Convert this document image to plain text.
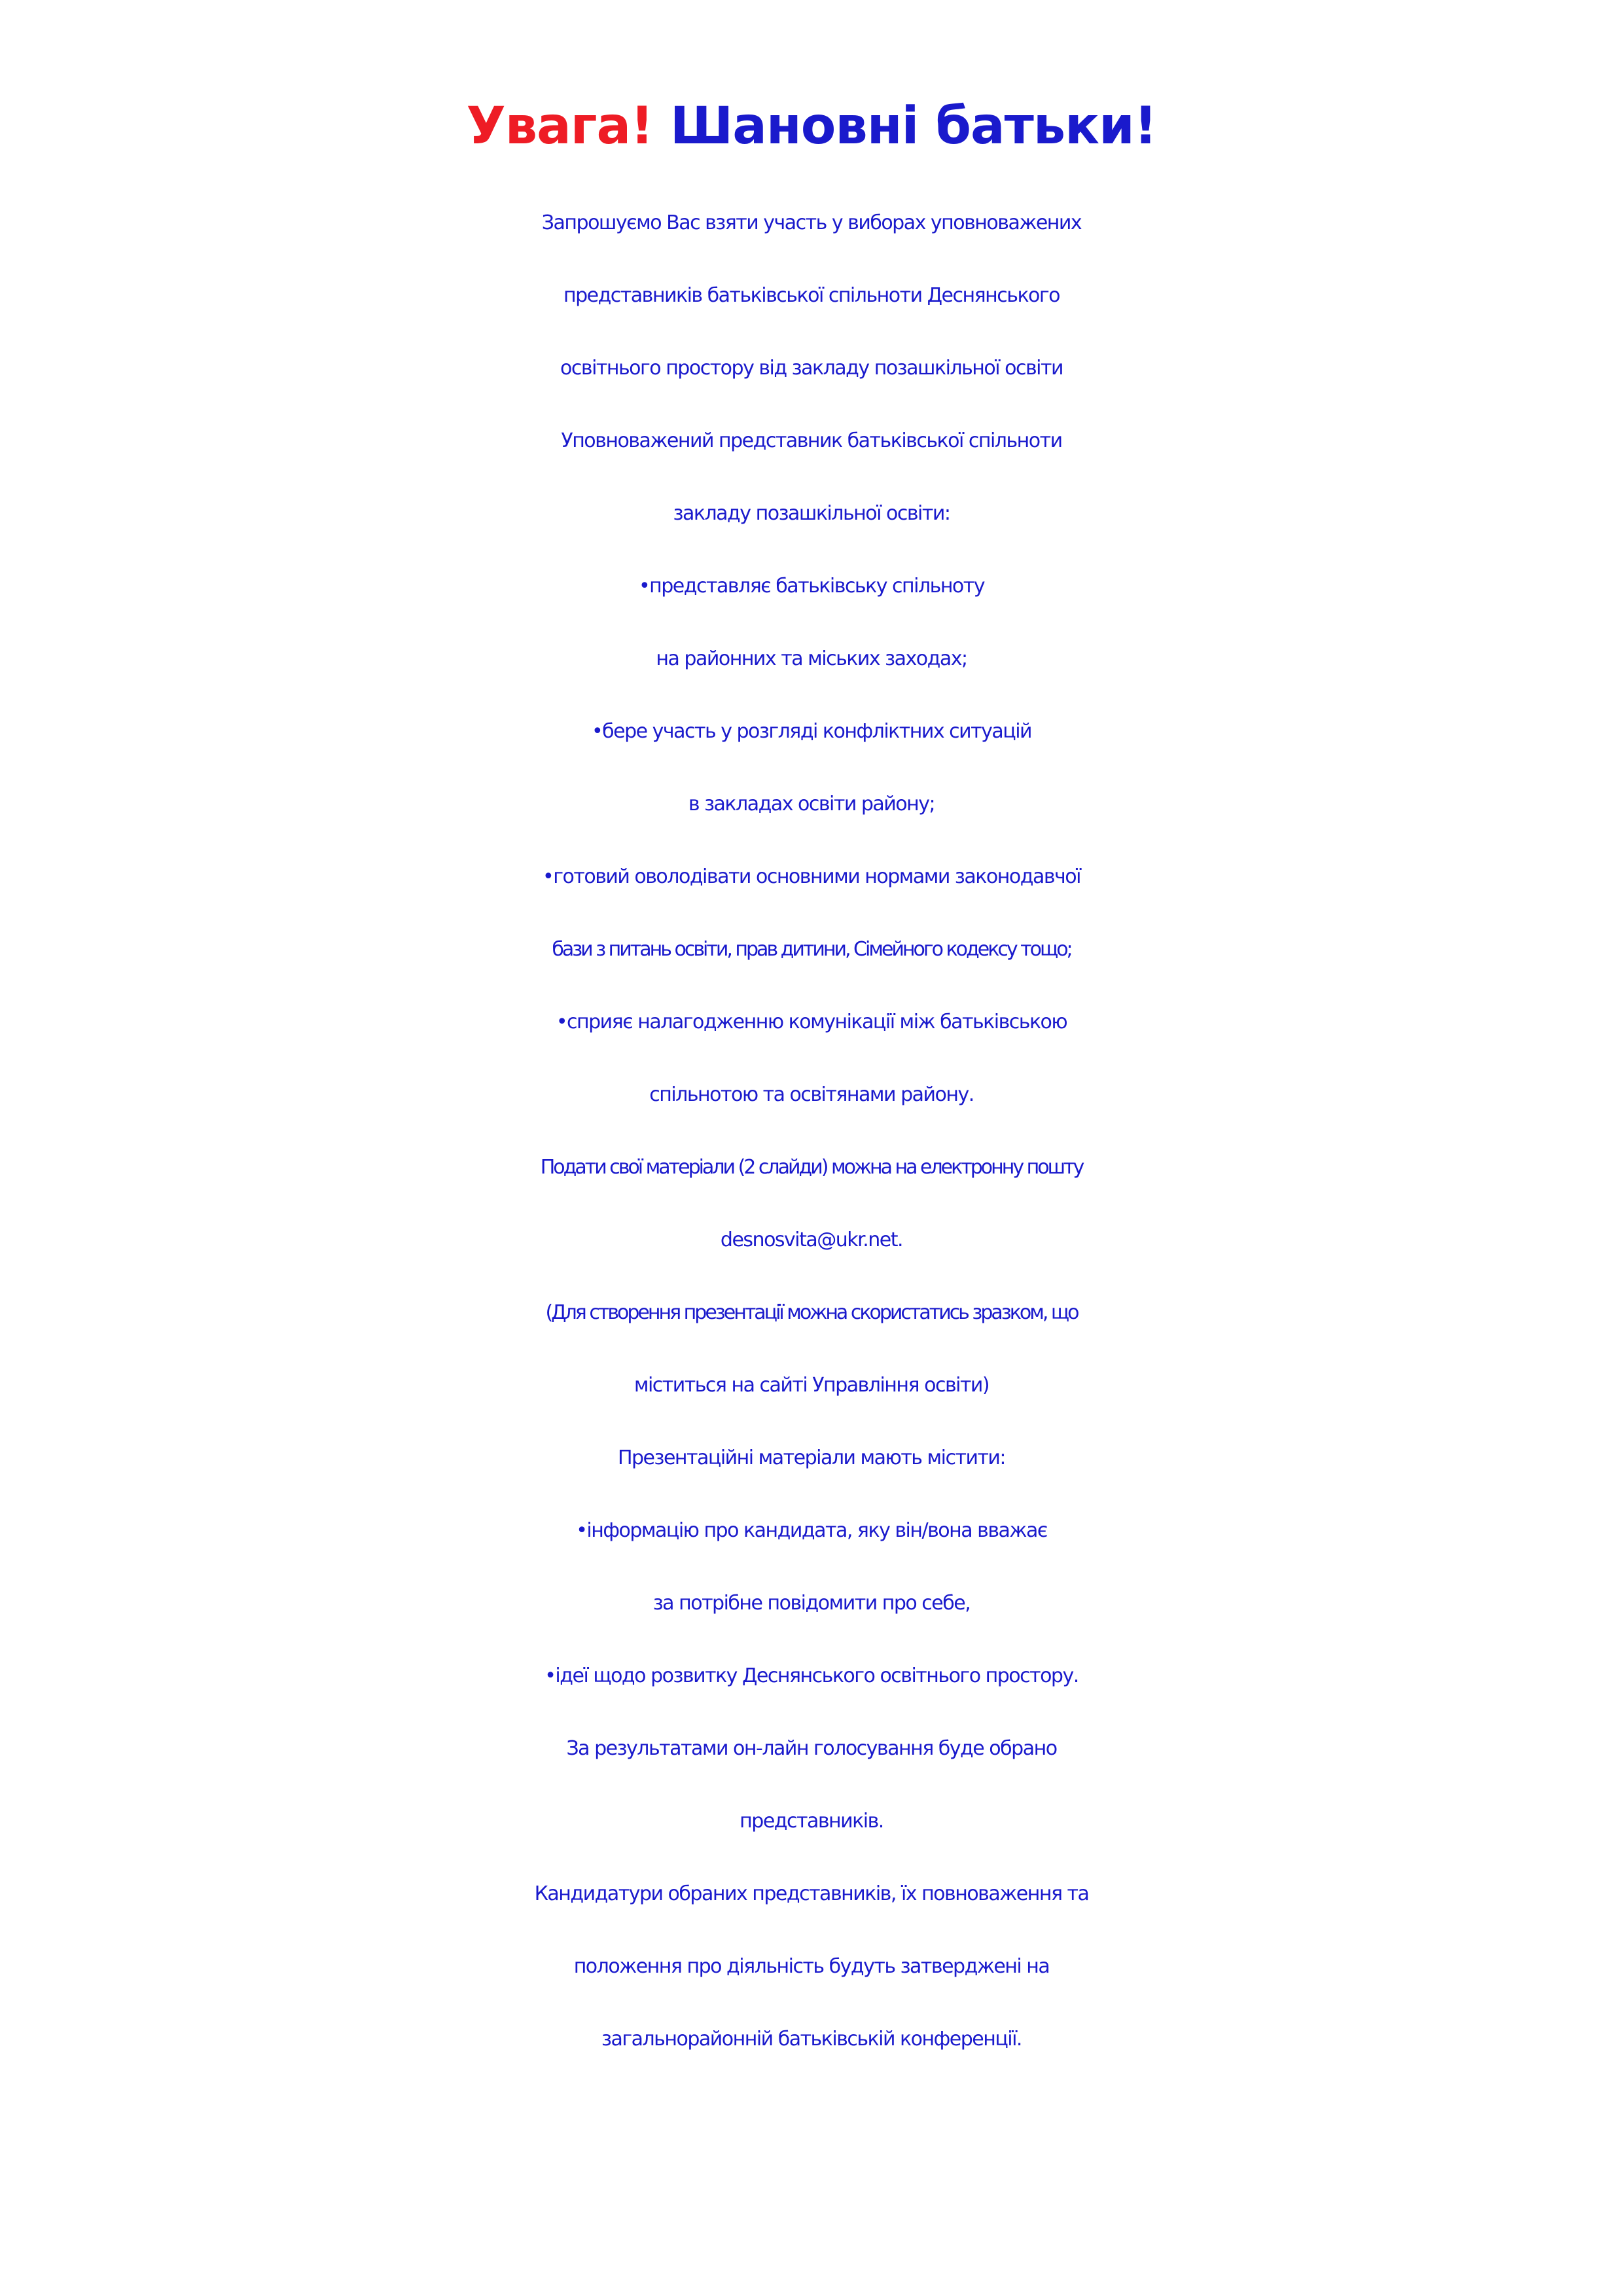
Увага! Шановні батьки!
Запрошуємо Вас взяти участь у виборах уповноважених
представників батьківської спільноти Деснянського
освітнього простору від закладу позашкільної освіти
Уповноважений представник батьківської спільноти
закладу позашкільної освіти:
•представляє батьківську спільноту
на районних та міських заходах;
•бере участь у розгляді конфліктних ситуацій
в закладах освіти району;
•готовий оволодівати основними нормами законодавчої
бази з питань освіти, прав дитини, Сімейного кодексу тощо;
•сприяє налагодженню комунікації між батьківською
спільнотою та освітянами району.
Подати свої матеріали (2 слайди) можна на електронну пошту
desnosvita@ukr.net.
(Для створення презентації можна скористатись зразком, що
міститься на сайті Управління освіти)
Презентаційні матеріали мають містити:
•інформацію про кандидата, яку він/вона вважає
за потрібне повідомити про себе,
•ідеї щодо розвитку Деснянського освітнього простору.
За результатами он-лайн голосування буде обрано
представників.
Кандидатури обраних представників, їх повноваження та
положення про діяльність будуть затверджені на
загальнорайонній батьківській конференції.
